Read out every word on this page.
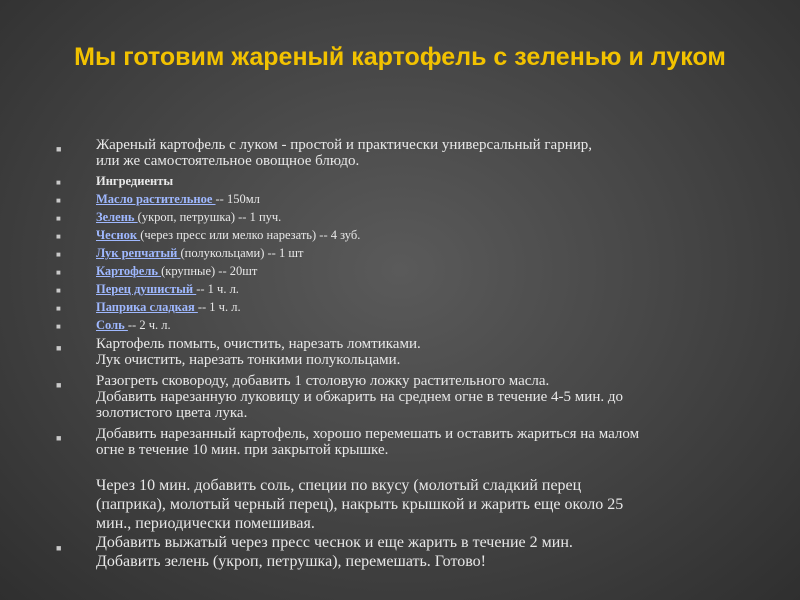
Мы готовим жареный картофель с зеленью и луком
■ Жареный картофель с луком - простой и практически универсальный гарнир,
или же самостоятельное овощное блюдо.
■	Ингредиенты
■	Масло растительное -- 150мл
■	Зелень (укроп, петрушка) -- 1 пуч.
■	Чеснок (через пресс или мелко нарезать) -- 4 зуб.
■	Лук репчатый (полукольцами) -- 1 шт
■	Картофель (крупные) -- 20шт
■	Перец душистый -- 1 ч. л.
■	Паприка сладкая -- 1 ч. л.
■	Соль -- 2 ч. л.
■ Картофель помыть, очистить, нарезать ломтиками.
Лук очистить, нарезать тонкими полукольцами.
■ Разогреть сковороду, добавить 1 столовую ложку растительного масла.
Добавить нарезанную луковицу и обжарить на среднем огне в течение 4-5 мин. до
золотистого цвета лука.
■ Добавить нарезанный картофель, хорошо перемешать и оставить жариться на малом
огне в течение 10 мин. при закрытой крышке.
Через 10 мин. добавить соль, специи по вкусу (молотый сладкий перец
(паприка), молотый черный перец), накрыть крышкой и жарить еще около 25
мин., периодически помешивая.
■ Добавить выжатый через пресс чеснок и еще жарить в течение 2 мин.
Добавить зелень (укроп, петрушка), перемешать. Готово!
